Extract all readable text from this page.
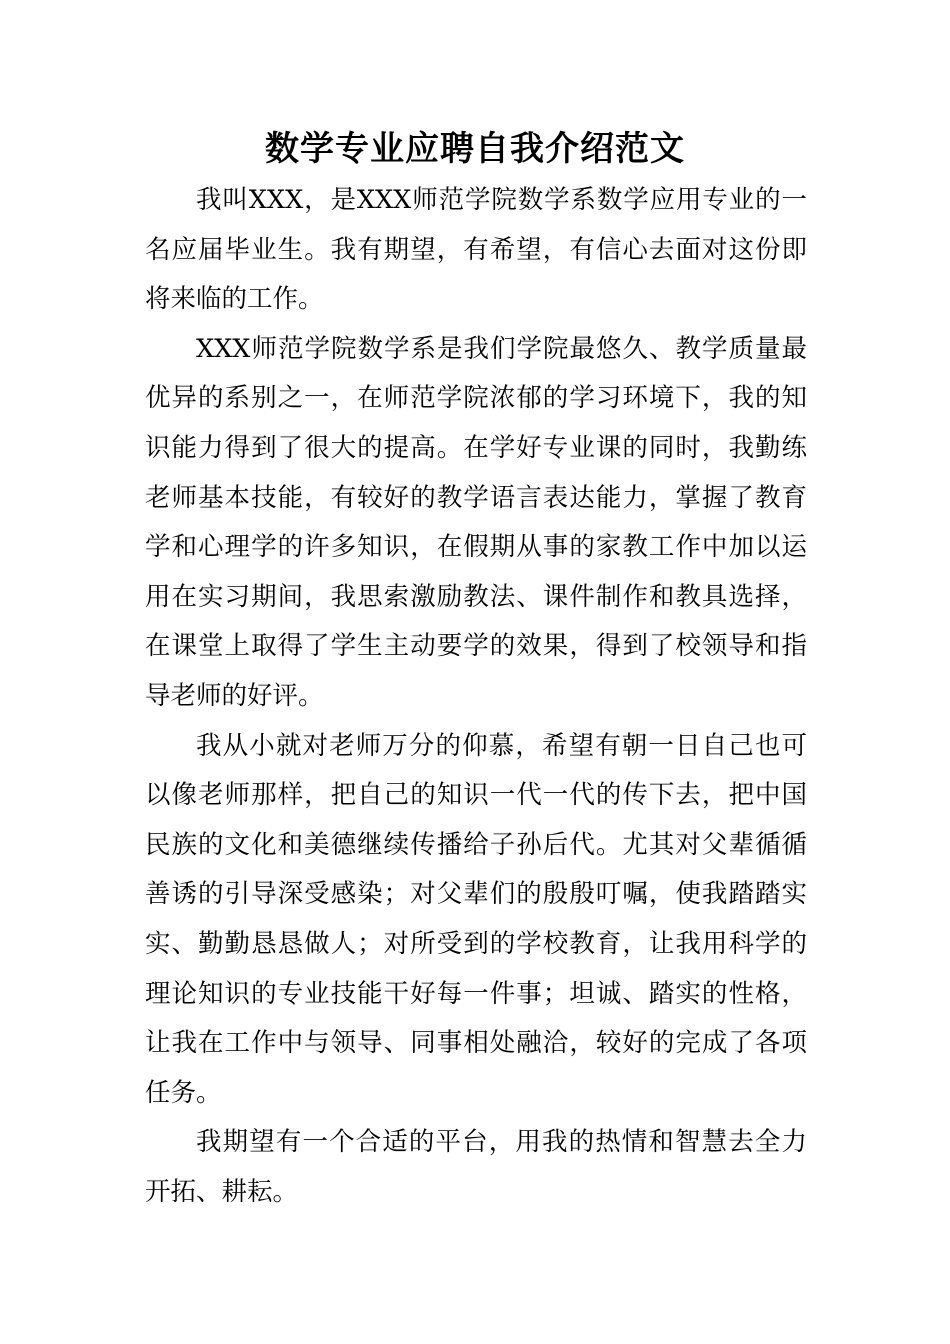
数学专业应聘自我介绍范文

我叫XXX，是XXX师范学院数学系数学应用专业的一名应届毕业生。我有期望，有希望，有信心去面对这份即将来临的工作。

XXX师范学院数学系是我们学院最悠久、教学质量最优异的系别之一，在师范学院浓郁的学习环境下，我的知识能力得到了很大的提高。在学好专业课的同时，我勤练老师基本技能，有较好的教学语言表达能力，掌握了教育学和心理学的许多知识，在假期从事的家教工作中加以运用在实习期间，我思索激励教法、课件制作和教具选择，在课堂上取得了学生主动要学的效果，得到了校领导和指导老师的好评。

我从小就对老师万分的仰慕，希望有朝一日自己也可以像老师那样，把自己的知识一代一代的传下去，把中国民族的文化和美德继续传播给子孙后代。尤其对父辈循循善诱的引导深受感染；对父辈们的殷殷叮嘱，使我踏踏实实、勤勤恳恳做人；对所受到的学校教育，让我用科学的理论知识的专业技能干好每一件事；坦诚、踏实的性格，让我在工作中与领导、同事相处融洽，较好的完成了各项任务。

我期望有一个合适的平台，用我的热情和智慧去全力开拓、耕耘。
